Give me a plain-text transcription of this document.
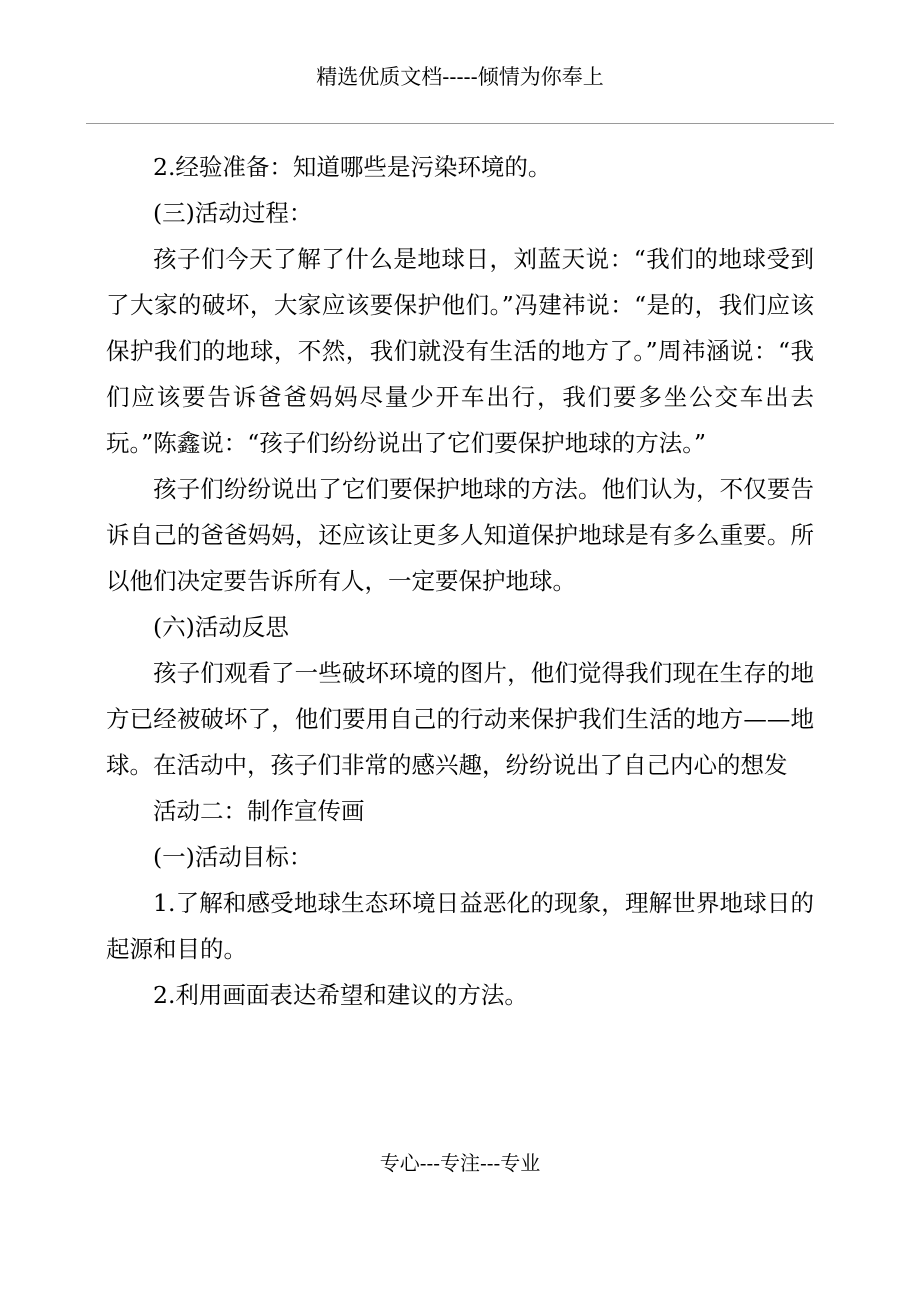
精选优质文档-----倾情为你奉上

2.经验准备：知道哪些是污染环境的。

(三)活动过程：

孩子们今天了解了什么是地球日，刘蓝天说：“我们的地球受到了大家的破坏，大家应该要保护他们。”冯建祎说：“是的，我们应该保护我们的地球，不然，我们就没有生活的地方了。”周祎涵说：“我们应该要告诉爸爸妈妈尽量少开车出行，我们要多坐公交车出去玩。”陈鑫说：“孩子们纷纷说出了它们要保护地球的方法。”

孩子们纷纷说出了它们要保护地球的方法。他们认为，不仅要告诉自己的爸爸妈妈，还应该让更多人知道保护地球是有多么重要。所以他们决定要告诉所有人，一定要保护地球。

(六)活动反思

孩子们观看了一些破坏环境的图片，他们觉得我们现在生存的地方已经被破坏了，他们要用自己的行动来保护我们生活的地方——地球。在活动中，孩子们非常的感兴趣，纷纷说出了自己内心的想发

活动二：制作宣传画

(一)活动目标：

1.了解和感受地球生态环境日益恶化的现象，理解世界地球日的起源和目的。

2.利用画面表达希望和建议的方法。

专心---专注---专业
